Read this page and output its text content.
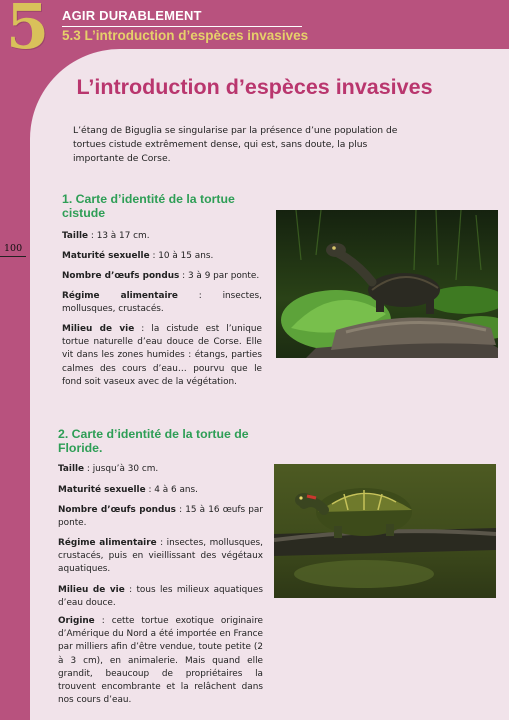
5 AGIR DURABLEMENT
5.3 L’introduction d’espèces invasives
100
L’introduction d’espèces invasives
L’étang de Biguglia se singularise par la présence d’une population de tortues cistude extrêmement dense, qui est, sans doute, la plus importante de Corse.
1. Carte d’identité de la tortue cistude

Taille : 13 à 17 cm.

Maturité sexuelle : 10 à 15 ans.

Nombre d’œufs pondus : 3 à 9 par ponte.

Régime alimentaire : insectes, mollusques, crustacés.

Milieu de vie : la cistude est l’unique tortue naturelle d’eau douce de Corse. Elle vit dans les zones humides : étangs, parties calmes des cours d’eau… pourvu que le fond soit vaseux avec de la végétation.

2. Carte d’identité de la tortue de Floride.

Taille : jusqu’à 30 cm.

Maturité sexuelle : 4 à 6 ans.

Nombre d’œufs pondus : 15 à 16 œufs par ponte.

Régime alimentaire : insectes, mollusques, crustacés, puis en vieillissant des végétaux aquatiques.

Milieu de vie : tous les milieux aquatiques d’eau douce.

Origine : cette tortue exotique originaire d’Amérique du Nord a été importée en France par milliers afin d’être vendue, toute petite (2 à 3 cm), en animalerie. Mais quand elle grandit, beaucoup de propriétaires la trouvent encombrante et la relâchent dans nos cours d’eau.
